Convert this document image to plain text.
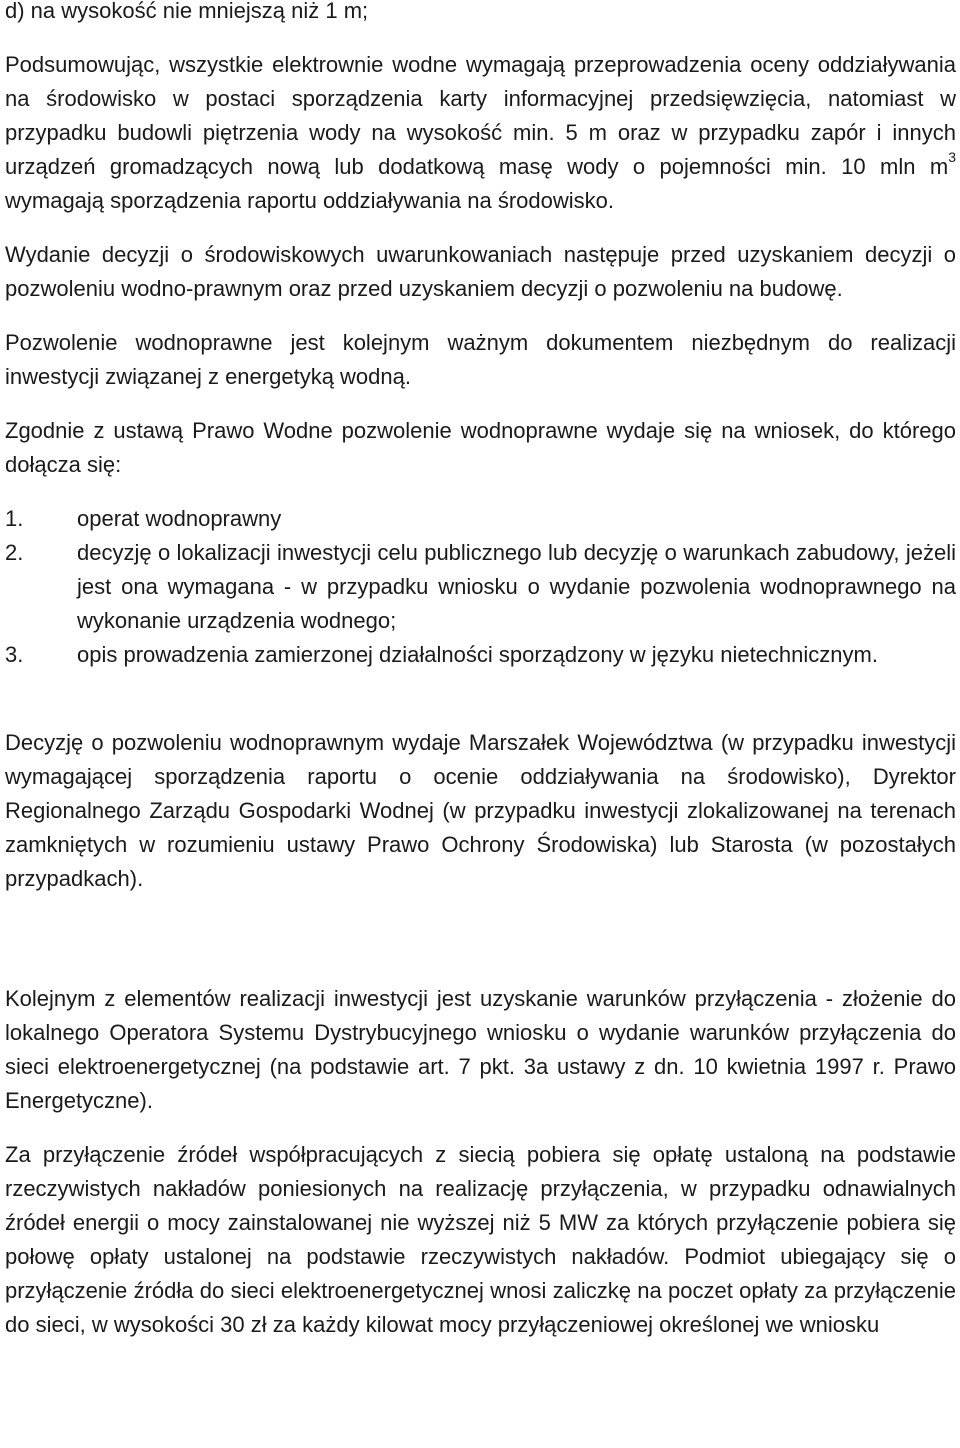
d) na wysokość nie mniejszą niż 1 m;

Podsumowując, wszystkie elektrownie wodne wymagają przeprowadzenia oceny oddziaływania na środowisko w postaci sporządzenia karty informacyjnej przedsięwzięcia, natomiast w przypadku budowli piętrzenia wody na wysokość min. 5 m oraz w przypadku zapór i innych urządzeń gromadzących nową lub dodatkową masę wody o pojemności min. 10 mln $m^3$ wymagają sporządzenia raportu oddziaływania na środowisko.

Wydanie decyzji o środowiskowych uwarunkowaniach następuje przed uzyskaniem decyzji o pozwoleniu wodno-prawnym oraz przed uzyskaniem decyzji o pozwoleniu na budowę.

Pozwolenie wodnoprawne jest kolejnym ważnym dokumentem niezbędnym do realizacji inwestycji związanej z energetyką wodną.

Zgodnie z ustawą Prawo Wodne pozwolenie wodnoprawne wydaje się na wniosek, do którego dołącza się:

1.	operat wodnoprawny
2.	decyzję o lokalizacji inwestycji celu publicznego lub decyzję o warunkach zabudowy, jeżeli jest ona wymagana - w przypadku wniosku o wydanie pozwolenia wodnoprawnego na wykonanie urządzenia wodnego;
3.	opis prowadzenia zamierzonej działalności sporządzony w języku nietechnicznym.

Decyzję o pozwoleniu wodnoprawnym wydaje Marszałek Województwa (w przypadku inwestycji wymagającej sporządzenia raportu o ocenie oddziaływania na środowisko), Dyrektor Regionalnego Zarządu Gospodarki Wodnej (w przypadku inwestycji zlokalizowanej na terenach zamkniętych w rozumieniu ustawy Prawo Ochrony Środowiska) lub Starosta (w pozostałych przypadkach).

Kolejnym z elementów realizacji inwestycji jest uzyskanie warunków przyłączenia - złożenie do lokalnego Operatora Systemu Dystrybucyjnego wniosku o wydanie warunków przyłączenia do sieci elektroenergetycznej (na podstawie art. 7 pkt. 3a ustawy z dn. 10 kwietnia 1997 r. Prawo Energetyczne).

Za przyłączenie źródeł współpracujących z siecią pobiera się opłatę ustaloną na podstawie rzeczywistych nakładów poniesionych na realizację przyłączenia, w przypadku odnawialnych źródeł energii o mocy zainstalowanej nie wyższej niż 5 MW za których przyłączenie pobiera się połowę opłaty ustalonej na podstawie rzeczywistych nakładów. Podmiot ubiegający się o przyłączenie źródła do sieci elektroenergetycznej wnosi zaliczkę na poczet opłaty za przyłączenie do sieci, w wysokości 30 zł za każdy kilowat mocy przyłączeniowej określonej we wniosku
